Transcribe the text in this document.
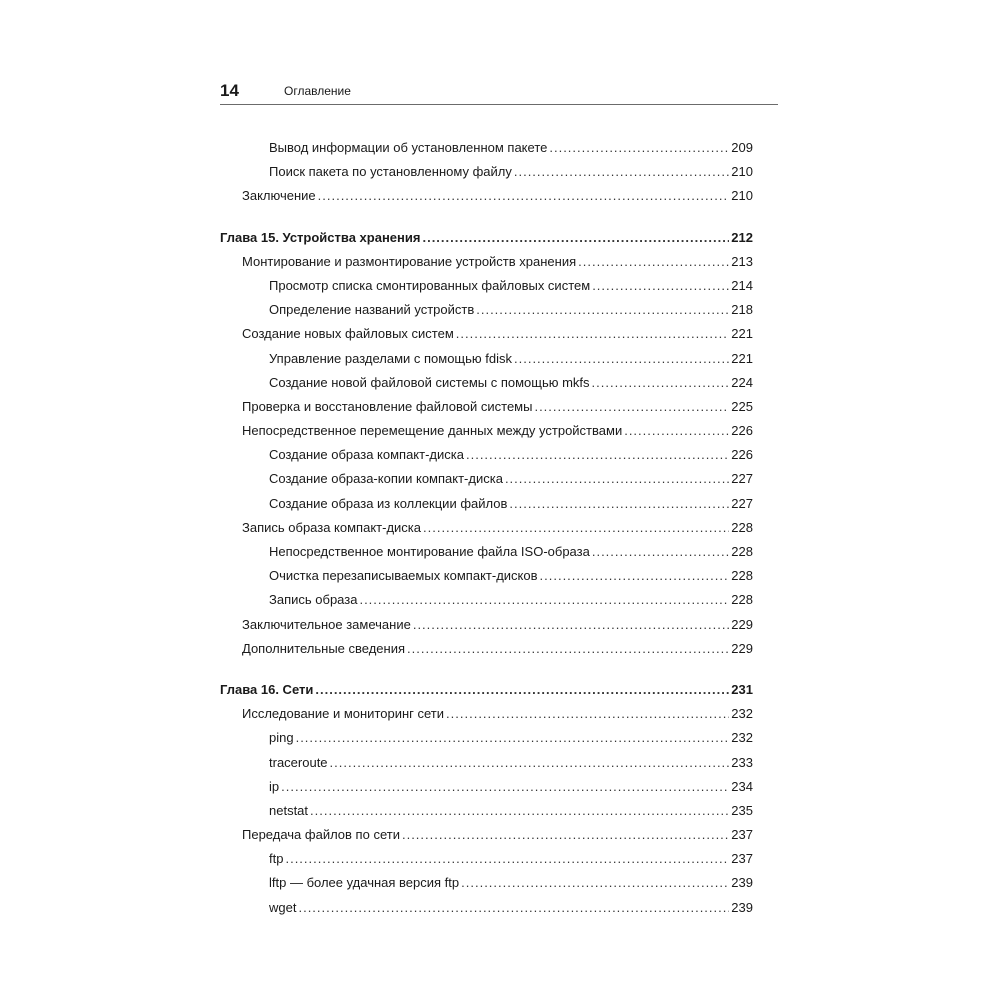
14	Оглавление
Вывод информации об установленном пакете .....	209
Поиск пакета по установленному файлу .....	210
Заключение .....	210
Глава 15. Устройства хранения .....	212
Монтирование и размонтирование устройств хранения .....	213
Просмотр списка смонтированных файловых систем .....	214
Определение названий устройств .....	218
Создание новых файловых систем .....	221
Управление разделами с помощью fdisk .....	221
Создание новой файловой системы с помощью mkfs .....	224
Проверка и восстановление файловой системы .....	225
Непосредственное перемещение данных между устройствами .....	226
Создание образа компакт-диска .....	226
Создание образа-копии компакт-диска .....	227
Создание образа из коллекции файлов .....	227
Запись образа компакт-диска .....	228
Непосредственное монтирование файла ISO-образа .....	228
Очистка перезаписываемых компакт-дисков .....	228
Запись образа .....	228
Заключительное замечание .....	229
Дополнительные сведения .....	229
Глава 16. Сети .....	231
Исследование и мониторинг сети .....	232
ping .....	232
traceroute .....	233
ip .....	234
netstat .....	235
Передача файлов по сети .....	237
ftp .....	237
lftp — более удачная версия ftp .....	239
wget .....	239
